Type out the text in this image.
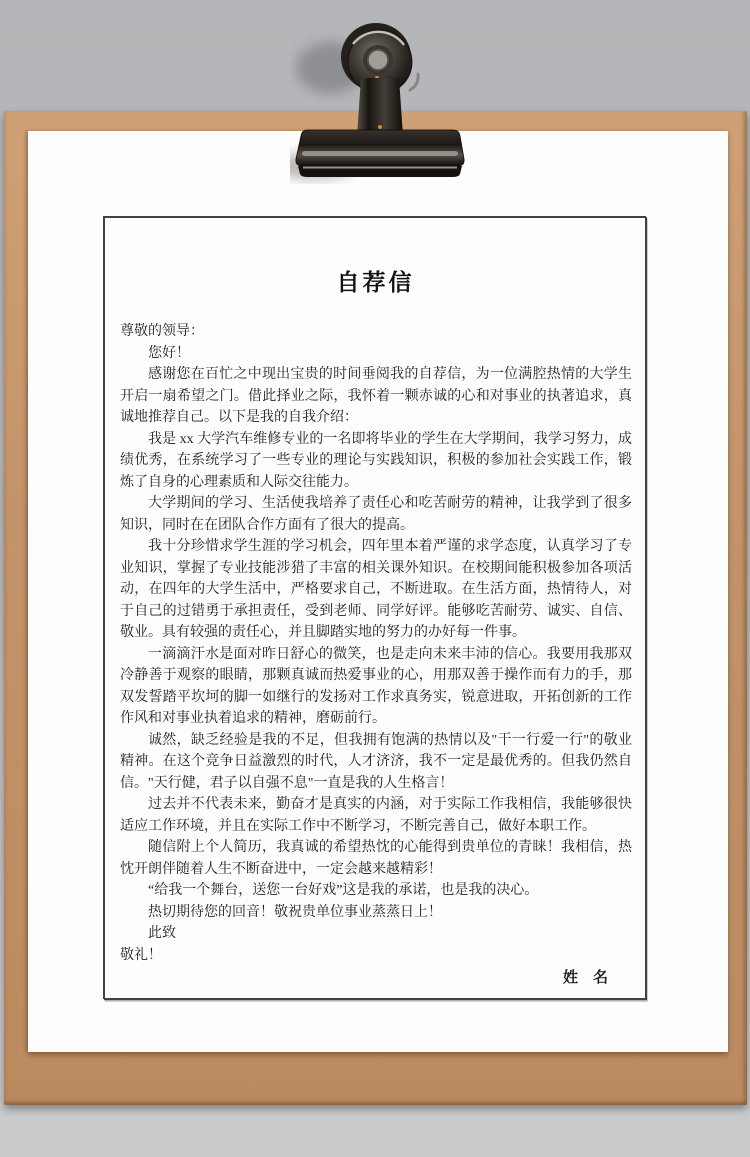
自荐信

尊敬的领导：

您好！

感谢您在百忙之中现出宝贵的时间垂阅我的自荐信，为一位满腔热情的大学生开启一扇希望之门。借此择业之际，我怀着一颗赤诚的心和对事业的执著追求，真诚地推荐自己。以下是我的自我介绍：

我是 xx 大学汽车维修专业的一名即将毕业的学生在大学期间，我学习努力，成绩优秀，在系统学习了一些专业的理论与实践知识，积极的参加社会实践工作，锻炼了自身的心理素质和人际交往能力。

大学期间的学习、生活使我培养了责任心和吃苦耐劳的精神，让我学到了很多知识，同时在在团队合作方面有了很大的提高。

我十分珍惜求学生涯的学习机会，四年里本着严谨的求学态度，认真学习了专业知识，掌握了专业技能涉猎了丰富的相关课外知识。在校期间能积极参加各项活动，在四年的大学生活中，严格要求自己，不断进取。在生活方面，热情待人，对于自己的过错勇于承担责任，受到老师、同学好评。能够吃苦耐劳、诚实、自信、敬业。具有较强的责任心，并且脚踏实地的努力的办好每一件事。

一滴滴汗水是面对昨日舒心的微笑，也是走向未来丰沛的信心。我要用我那双冷静善于观察的眼睛，那颗真诚而热爱事业的心，用那双善于操作而有力的手，那双发誓踏平坎坷的脚一如继行的发扬对工作求真务实，锐意进取，开拓创新的工作作风和对事业执着追求的精神，磨砺前行。

诚然，缺乏经验是我的不足，但我拥有饱满的热情以及"干一行爱一行"的敬业精神。在这个竞争日益激烈的时代，人才济济，我不一定是最优秀的。但我仍然自信。"天行健，君子以自强不息"一直是我的人生格言！

过去并不代表未来，勤奋才是真实的内涵，对于实际工作我相信，我能够很快适应工作环境，并且在实际工作中不断学习，不断完善自己，做好本职工作。

随信附上个人简历，我真诚的希望热忱的心能得到贵单位的青睐！我相信，热忱开朗伴随着人生不断奋进中，一定会越来越精彩！

“给我一个舞台，送您一台好戏”这是我的承诺，也是我的决心。

热切期待您的回音！敬祝贵单位事业蒸蒸日上！

此致

敬礼！

姓　名
